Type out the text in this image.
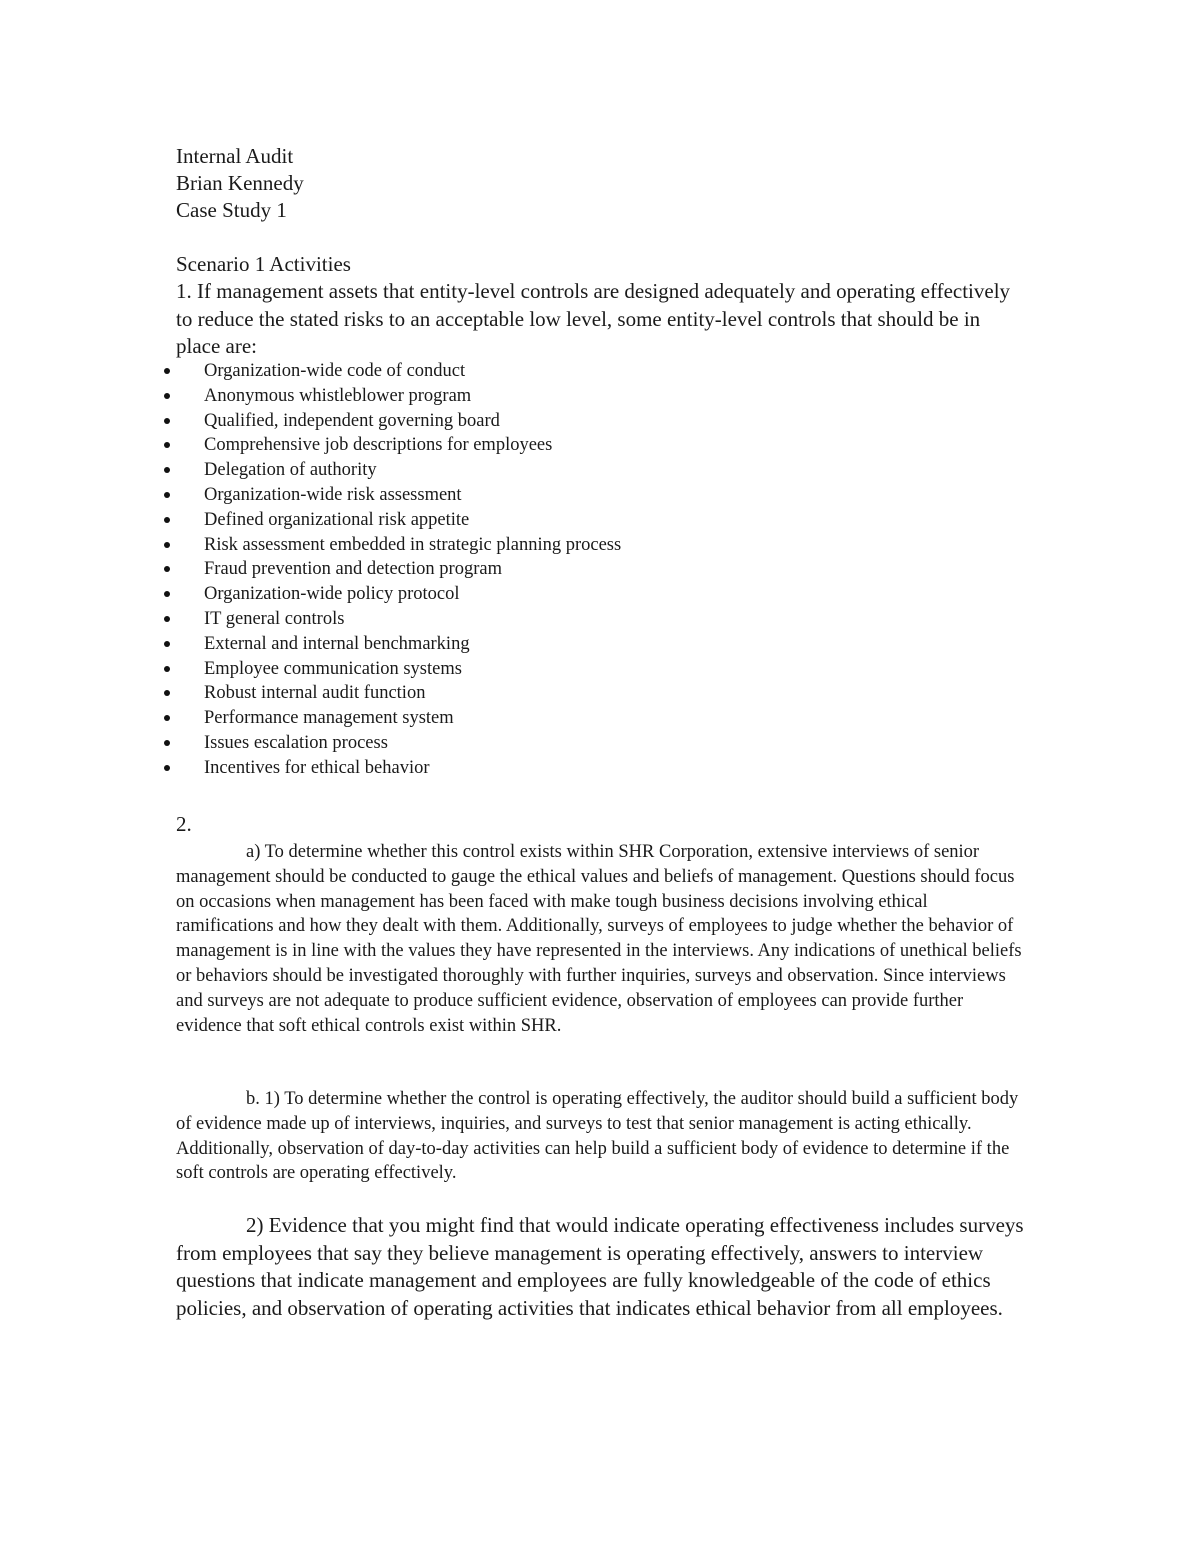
Internal Audit
Brian Kennedy
Case Study 1
Scenario 1 Activities
1. If management assets that entity-level controls are designed adequately and operating effectively to reduce the stated risks to an acceptable low level, some entity-level controls that should be in place are:
Organization-wide code of conduct
Anonymous whistleblower program
Qualified, independent governing board
Comprehensive job descriptions for employees
Delegation of authority
Organization-wide risk assessment
Defined organizational risk appetite
Risk assessment embedded in strategic planning process
Fraud prevention and detection program
Organization-wide policy protocol
IT general controls
External and internal benchmarking
Employee communication systems
Robust internal audit function
Performance management system
Issues escalation process
Incentives for ethical behavior
2.
a) To determine whether this control exists within SHR Corporation, extensive interviews of senior management should be conducted to gauge the ethical values and beliefs of management. Questions should focus on occasions when management has been faced with make tough business decisions involving ethical ramifications and how they dealt with them. Additionally, surveys of employees to judge whether the behavior of management is in line with the values they have represented in the interviews. Any indications of unethical beliefs or behaviors should be investigated thoroughly with further inquiries, surveys and observation. Since interviews and surveys are not adequate to produce sufficient evidence, observation of employees can provide further evidence that soft ethical controls exist within SHR.
b. 1) To determine whether the control is operating effectively, the auditor should build a sufficient body of evidence made up of interviews, inquiries, and surveys to test that senior management is acting ethically. Additionally, observation of day-to-day activities can help build a sufficient body of evidence to determine if the soft controls are operating effectively.
2) Evidence that you might find that would indicate operating effectiveness includes surveys from employees that say they believe management is operating effectively, answers to interview questions that indicate management and employees are fully knowledgeable of the code of ethics policies, and observation of operating activities that indicates ethical behavior from all employees.
